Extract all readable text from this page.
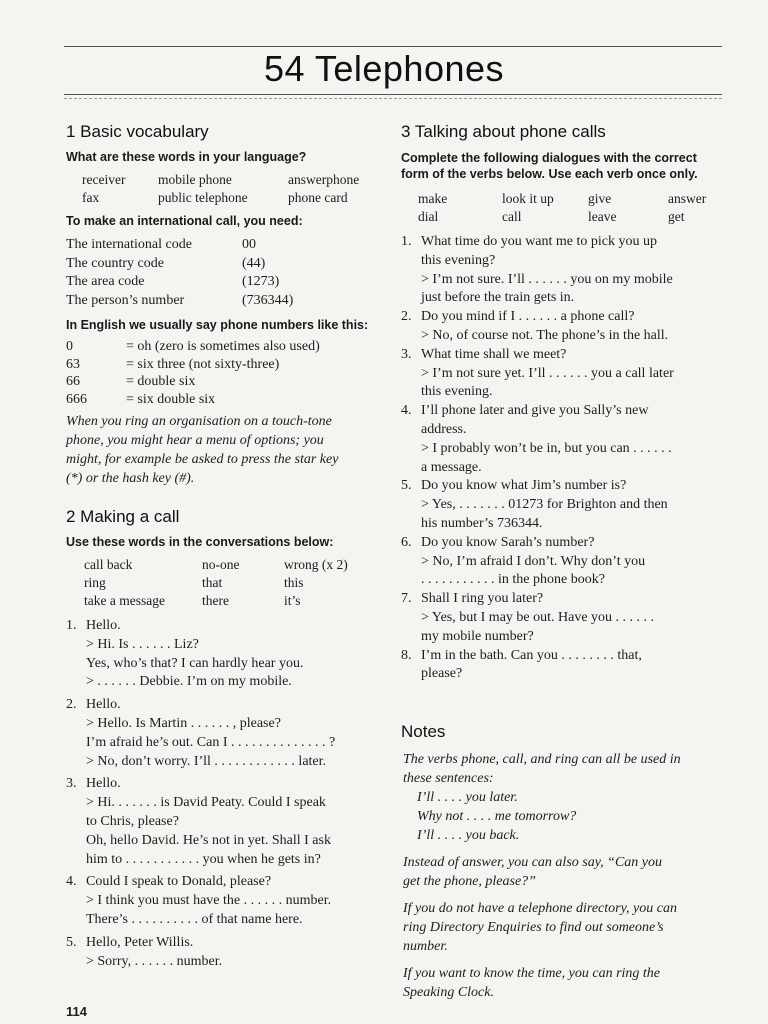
54 Telephones
1 Basic vocabulary
What are these words in your language?
receiver	mobile phone	answerphone
fax	public telephone	phone card
To make an international call, you need:
The international code	00
The country code	(44)
The area code	(1273)
The person’s number	(736344)
In English we usually say phone numbers like this:
0	= oh (zero is sometimes also used)
63	= six three (not sixty-three)
66	= double six
666	= six double six
When you ring an organisation on a touch-tone
phone, you might hear a menu of options; you
might, for example be asked to press the star key
(*) or the hash key (#).
2 Making a call
Use these words in the conversations below:
call back	no-one	wrong (x 2)
ring	that	this
take a message	there	it’s
1. Hello.
> Hi. Is . . . . . . Liz?
Yes, who’s that? I can hardly hear you.
> . . . . . . Debbie. I’m on my mobile.
2. Hello.
> Hello. Is Martin . . . . . . , please?
I’m afraid he’s out. Can I . . . . . . . . . . . . . . ?
> No, don’t worry. I’ll . . . . . . . . . . . . later.
3. Hello.
> Hi. . . . . . . is David Peaty. Could I speak
to Chris, please?
Oh, hello David. He’s not in yet. Shall I ask
him to . . . . . . . . . . . you when he gets in?
4. Could I speak to Donald, please?
> I think you must have the . . . . . . number.
There’s . . . . . . . . . . of that name here.
5. Hello, Peter Willis.
> Sorry, . . . . . . number.
114
3 Talking about phone calls
Complete the following dialogues with the correct
form of the verbs below. Use each verb once only.
make	look it up	give	answer
dial	call	leave	get
1. What time do you want me to pick you up
this evening?
> I’m not sure. I’ll . . . . . . you on my mobile
just before the train gets in.
2. Do you mind if I . . . . . . a phone call?
> No, of course not. The phone’s in the hall.
3. What time shall we meet?
> I’m not sure yet. I’ll . . . . . . you a call later
this evening.
4. I’ll phone later and give you Sally’s new
address.
> I probably won’t be in, but you can . . . . . .
a message.
5. Do you know what Jim’s number is?
> Yes, . . . . . . . 01273 for Brighton and then
his number’s 736344.
6. Do you know Sarah’s number?
> No, I’m afraid I don’t. Why don’t you
. . . . . . . . . . . in the phone book?
7. Shall I ring you later?
> Yes, but I may be out. Have you . . . . . .
my mobile number?
8. I’m in the bath. Can you . . . . . . . . that,
please?
Notes
The verbs phone, call, and ring can all be used in
these sentences:
I’ll . . . . you later.
Why not . . . . me tomorrow?
I’ll . . . . you back.
Instead of answer, you can also say, “Can you
get the phone, please?”
If you do not have a telephone directory, you can
ring Directory Enquiries to find out someone’s
number.
If you want to know the time, you can ring the
Speaking Clock.
